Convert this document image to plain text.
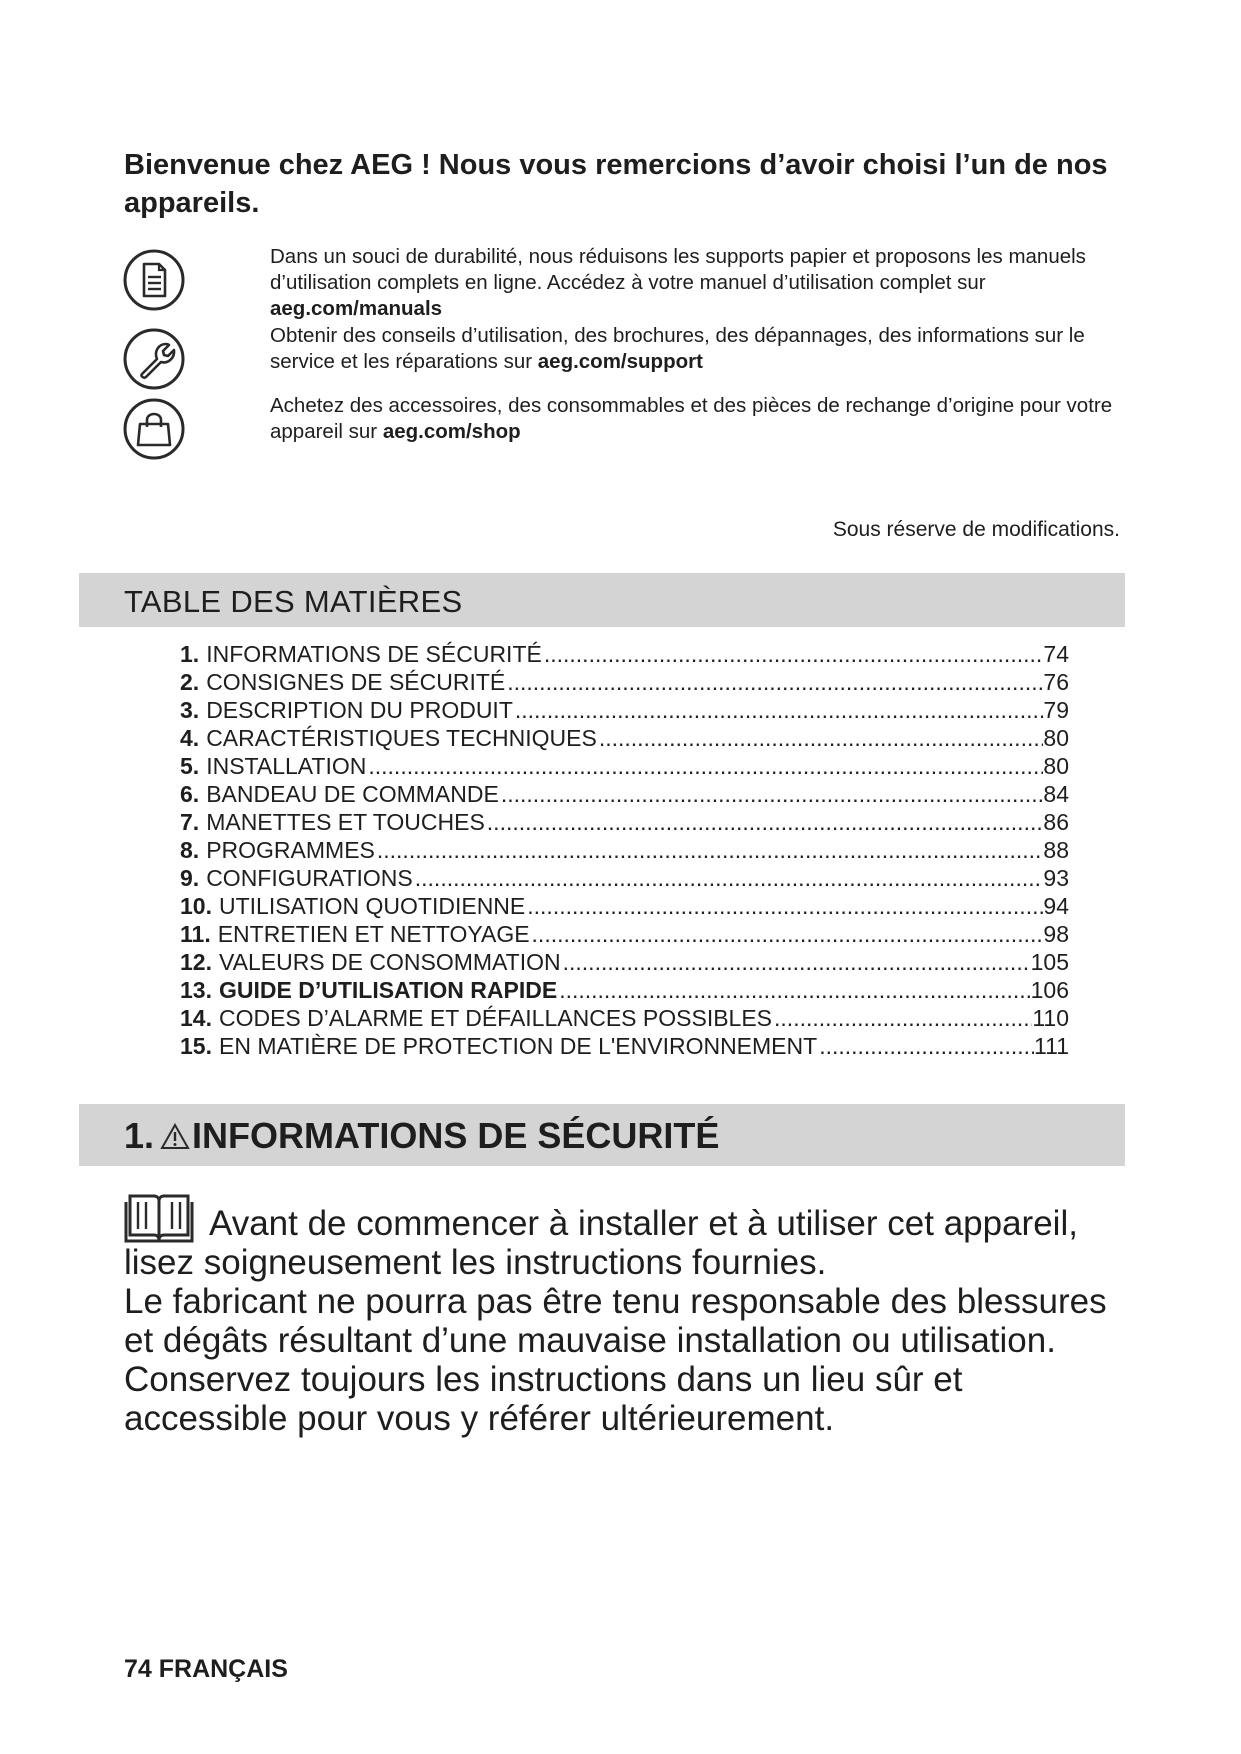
Bienvenue chez AEG ! Nous vous remercions d’avoir choisi l’un de nos appareils.
Dans un souci de durabilité, nous réduisons les supports papier et proposons les manuels d’utilisation complets en ligne. Accédez à votre manuel d’utilisation complet sur aeg.com/manuals
Obtenir des conseils d’utilisation, des brochures, des dépannages, des informations sur le service et les réparations sur aeg.com/support
Achetez des accessoires, des consommables et des pièces de rechange d’origine pour votre appareil sur aeg.com/shop
Sous réserve de modifications.
TABLE DES MATIÈRES
1. INFORMATIONS DE SÉCURITÉ .....	74
2. CONSIGNES DE SÉCURITÉ .....	76
3. DESCRIPTION DU PRODUIT .....	79
4. CARACTÉRISTIQUES TECHNIQUES .....	80
5. INSTALLATION .....	80
6. BANDEAU DE COMMANDE .....	84
7. MANETTES ET TOUCHES .....	86
8. PROGRAMMES .....	88
9. CONFIGURATIONS .....	93
10. UTILISATION QUOTIDIENNE .....	94
11. ENTRETIEN ET NETTOYAGE .....	98
12. VALEURS DE CONSOMMATION .....	105
13. GUIDE D’UTILISATION RAPIDE .....	106
14. CODES D’ALARME ET DÉFAILLANCES POSSIBLES .....	110
15. EN MATIÈRE DE PROTECTION DE L'ENVIRONNEMENT .....	111
1. INFORMATIONS DE SÉCURITÉ
Avant de commencer à installer et à utiliser cet appareil, lisez soigneusement les instructions fournies.
Le fabricant ne pourra pas être tenu responsable des blessures et dégâts résultant d’une mauvaise installation ou utilisation. Conservez toujours les instructions dans un lieu sûr et accessible pour vous y référer ultérieurement.
74 FRANÇAIS
